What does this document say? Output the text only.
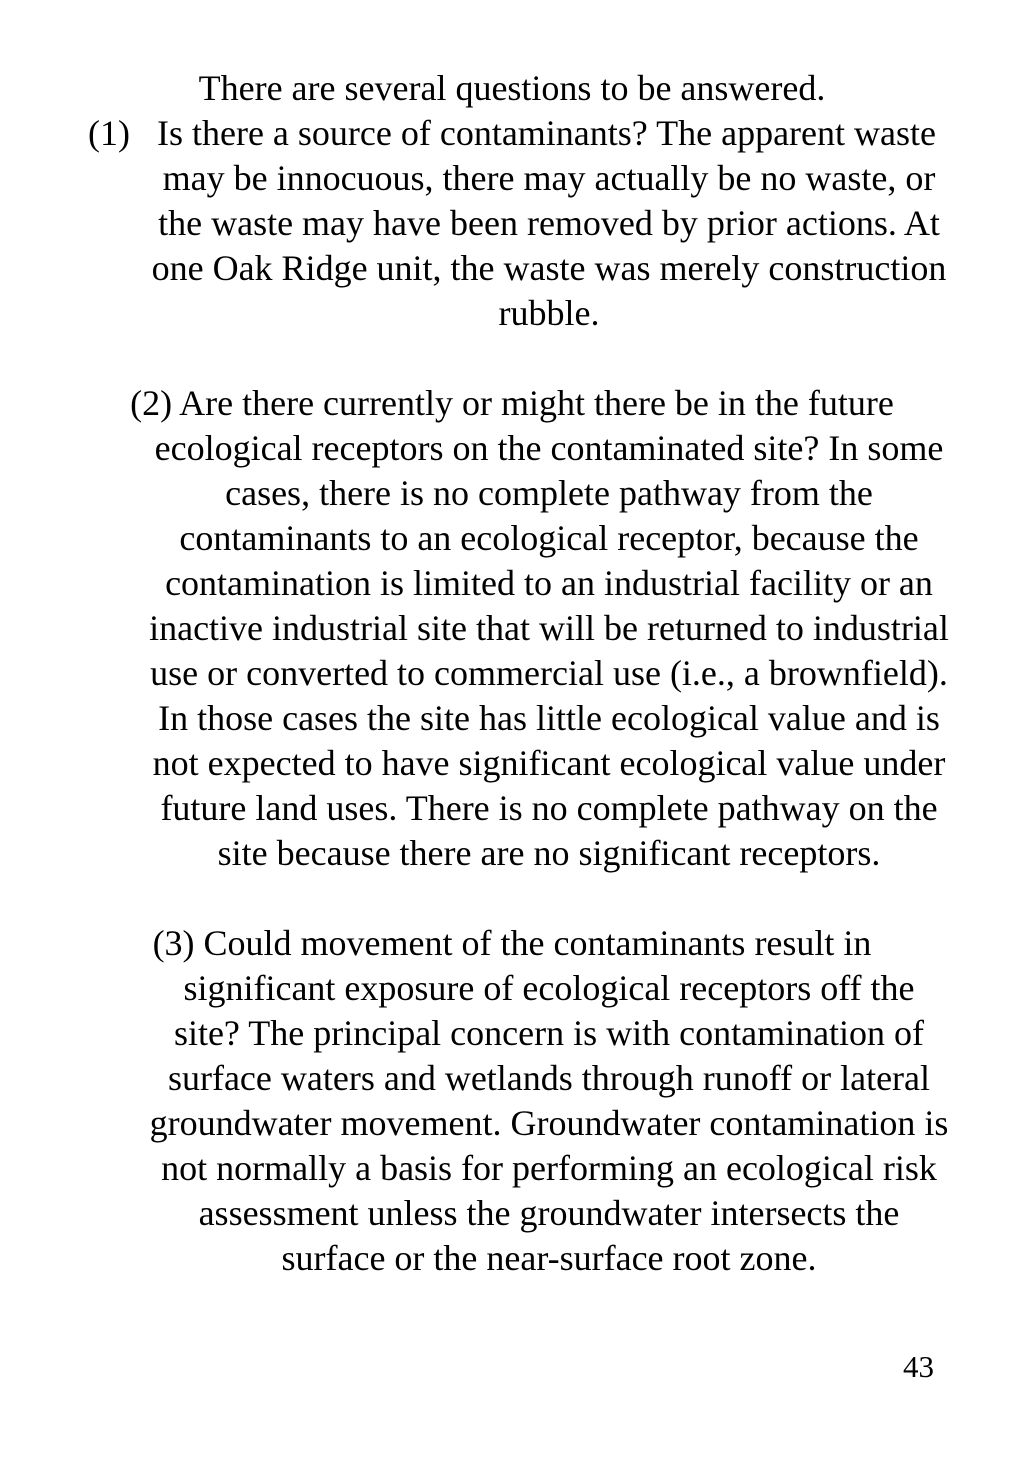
There are several questions to be answered.
(1)   Is there a source of contaminants? The apparent waste
may be innocuous, there may actually be no waste, or
the waste may have been removed by prior actions. At
one Oak Ridge unit, the waste was merely construction
rubble.
(2) Are there currently or might there be in the future
ecological receptors on the contaminated site? In some
cases, there is no complete pathway from the
contaminants to an ecological receptor, because the
contamination is limited to an industrial facility or an
inactive industrial site that will be returned to industrial
use or converted to commercial use (i.e., a brownfield).
In those cases the site has little ecological value and is
not expected to have significant ecological value under
future land uses. There is no complete pathway on the
site because there are no significant receptors.
(3) Could movement of the contaminants result in
significant exposure of ecological receptors off the
site? The principal concern is with contamination of
surface waters and wetlands through runoff or lateral
groundwater movement. Groundwater contamination is
not normally a basis for performing an ecological risk
assessment unless the groundwater intersects the
surface or the near-surface root zone.
43
